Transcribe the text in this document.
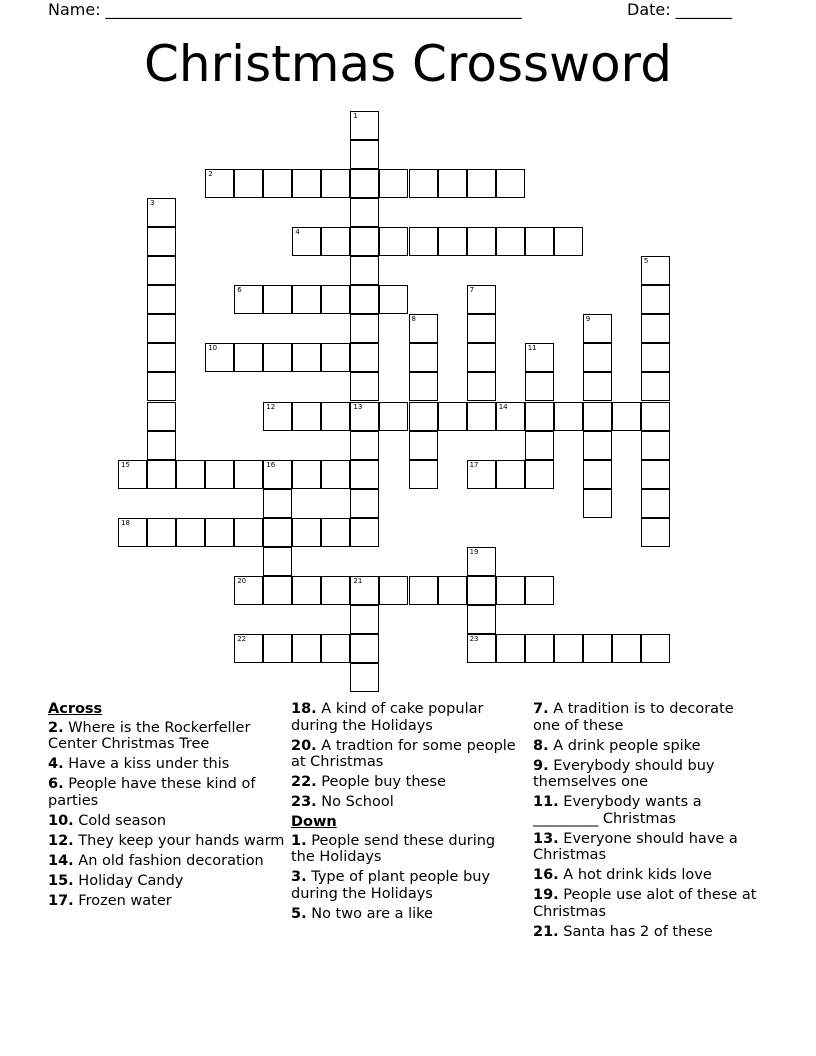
Name: ____________________________________________________	Date: _______
Christmas Crossword
2
4
6
10
12	13	14
15	16	17
18
20	21
22	23
1
3
5
7
8	9
11
19
Across
2. Where is the Rockerfeller Center Christmas Tree
4. Have a kiss under this
6. People have these kind of parties
10. Cold season
12. They keep your hands warm
14. An old fashion decoration
15. Holiday Candy
17. Frozen water
18. A kind of cake popular during the Holidays
20. A tradtion for some people at Christmas
22. People buy these
23. No School
Down
1. People send these during the Holidays
3. Type of plant people buy during the Holidays
5. No two are a like
7. A tradition is to decorate one of these
8. A drink people spike
9. Everybody should buy themselves one
11. Everybody wants a _________ Christmas
13. Everyone should have a Christmas
16. A hot drink kids love
19. People use alot of these at Christmas
21. Santa has 2 of these
